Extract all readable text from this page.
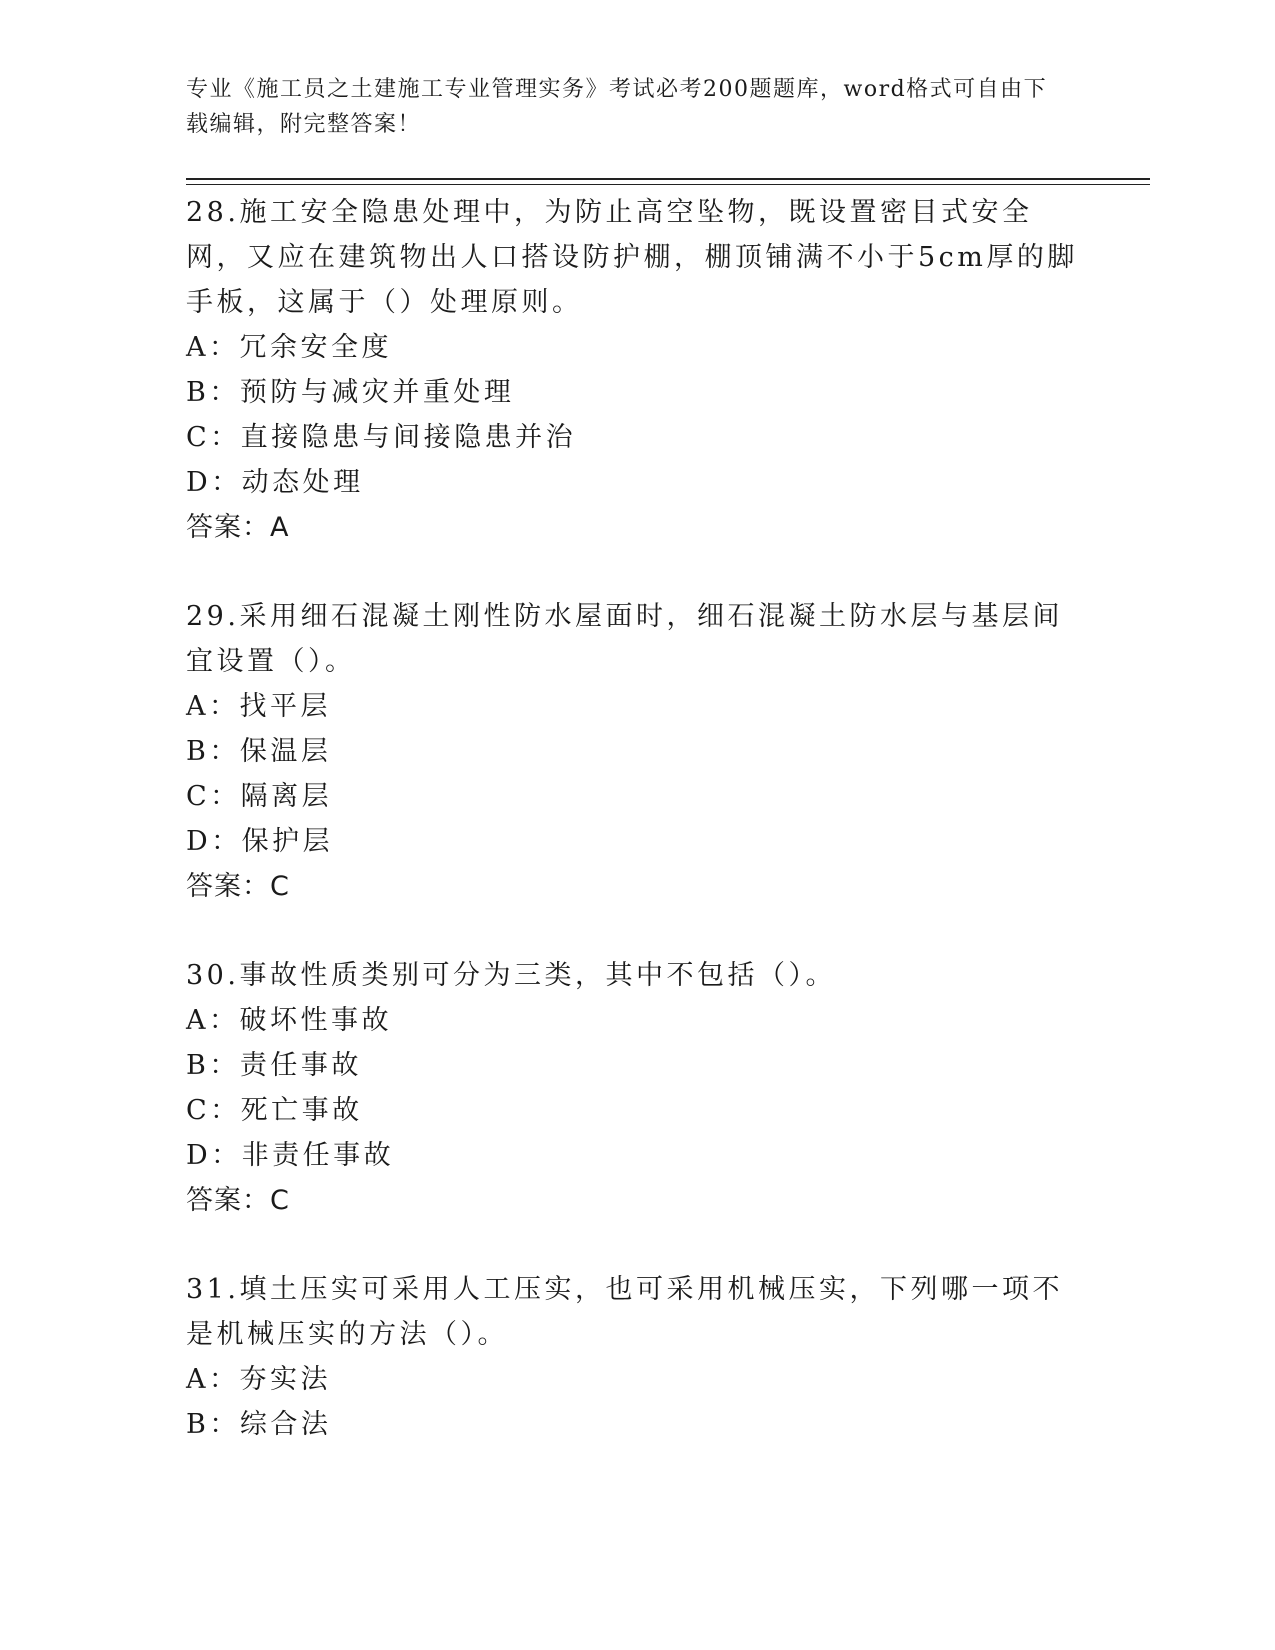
专业《施工员之土建施工专业管理实务》考试必考200题题库，word格式可自由下载编辑，附完整答案！
28.施工安全隐患处理中，为防止高空坠物，既设置密目式安全网，又应在建筑物出人口搭设防护棚，棚顶铺满不小于5cm厚的脚手板，这属于（）处理原则。
A：冗余安全度
B：预防与减灾并重处理
C：直接隐患与间接隐患并治
D：动态处理
答案：A
29.采用细石混凝土刚性防水屋面时，细石混凝土防水层与基层间宜设置（）。
A：找平层
B：保温层
C：隔离层
D：保护层
答案：C
30.事故性质类别可分为三类，其中不包括（）。
A：破坏性事故
B：责任事故
C：死亡事故
D：非责任事故
答案：C
31.填土压实可采用人工压实，也可采用机械压实，下列哪一项不是机械压实的方法（）。
A：夯实法
B：综合法
